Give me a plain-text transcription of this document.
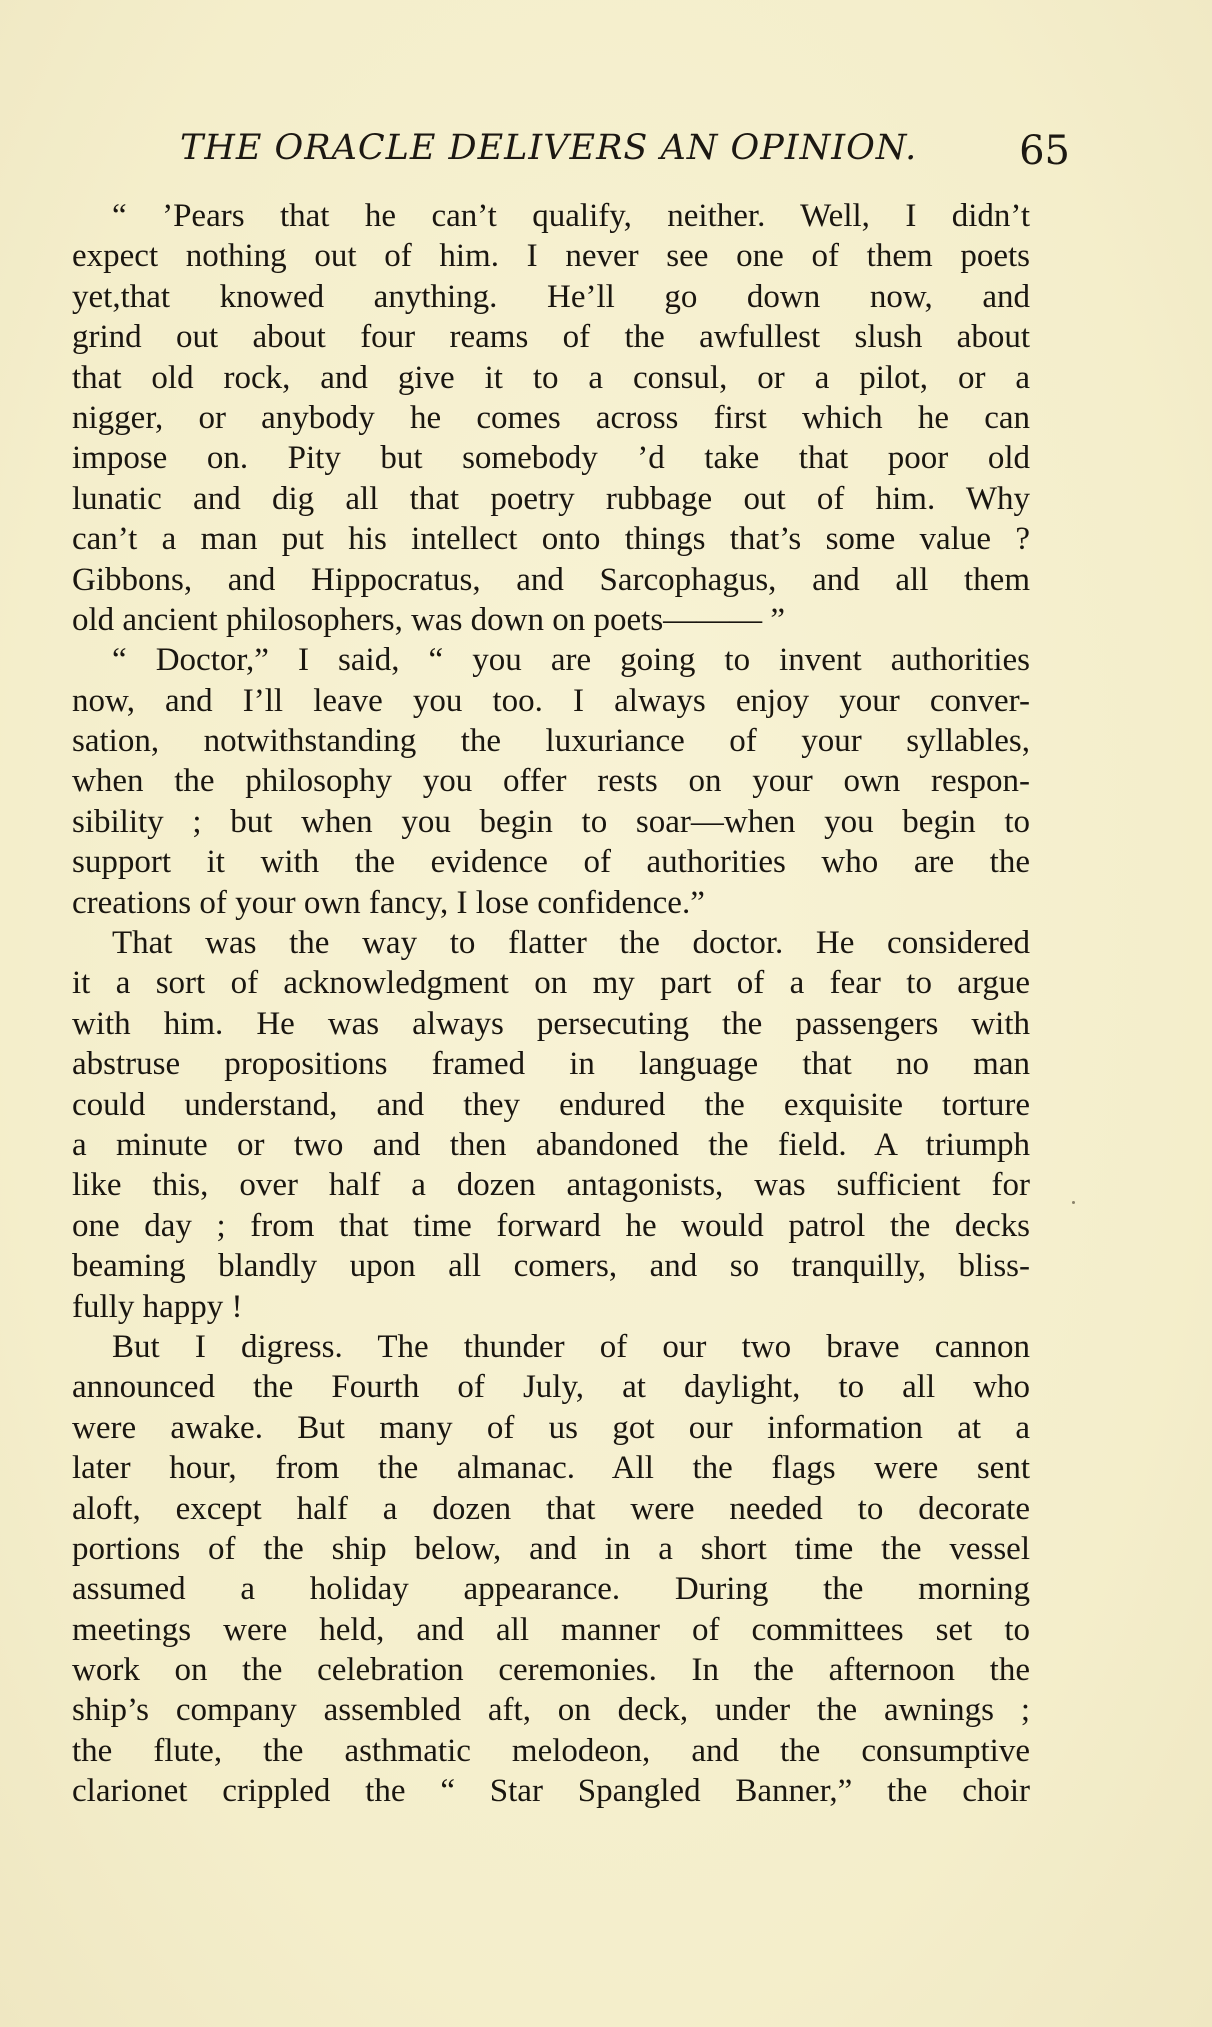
THE ORACLE DELIVERS AN OPINION.	65
“ ’Pears that he can’t qualify, neither. Well, I didn’t
expect nothing out of him. I never see one of them poets
yet,that knowed anything. He’ll go down now, and
grind out about four reams of the awfullest slush about
that old rock, and give it to a consul, or a pilot, or a
nigger, or anybody he comes across first which he can
impose on. Pity but somebody ’d take that poor old
lunatic and dig all that poetry rubbage out of him. Why
can’t a man put his intellect onto things that’s some value ?
Gibbons, and Hippocratus, and Sarcophagus, and all them
old ancient philosophers, was down on poets——— ”
“ Doctor,” I said, “ you are going to invent authorities
now, and I’ll leave you too. I always enjoy your conver-
sation, notwithstanding the luxuriance of your syllables,
when the philosophy you offer rests on your own respon-
sibility ; but when you begin to soar—when you begin to
support it with the evidence of authorities who are the
creations of your own fancy, I lose confidence.”
That was the way to flatter the doctor. He considered
it a sort of acknowledgment on my part of a fear to argue
with him. He was always persecuting the passengers with
abstruse propositions framed in language that no man
could understand, and they endured the exquisite torture
a minute or two and then abandoned the field. A triumph
like this, over half a dozen antagonists, was sufficient for
one day ; from that time forward he would patrol the decks
beaming blandly upon all comers, and so tranquilly, bliss-
fully happy !
But I digress. The thunder of our two brave cannon
announced the Fourth of July, at daylight, to all who
were awake. But many of us got our information at a
later hour, from the almanac. All the flags were sent
aloft, except half a dozen that were needed to decorate
portions of the ship below, and in a short time the vessel
assumed a holiday appearance. During the morning
meetings were held, and all manner of committees set to
work on the celebration ceremonies. In the afternoon the
ship’s company assembled aft, on deck, under the awnings ;
the flute, the asthmatic melodeon, and the consumptive
clarionet crippled the “ Star Spangled Banner,” the choir
